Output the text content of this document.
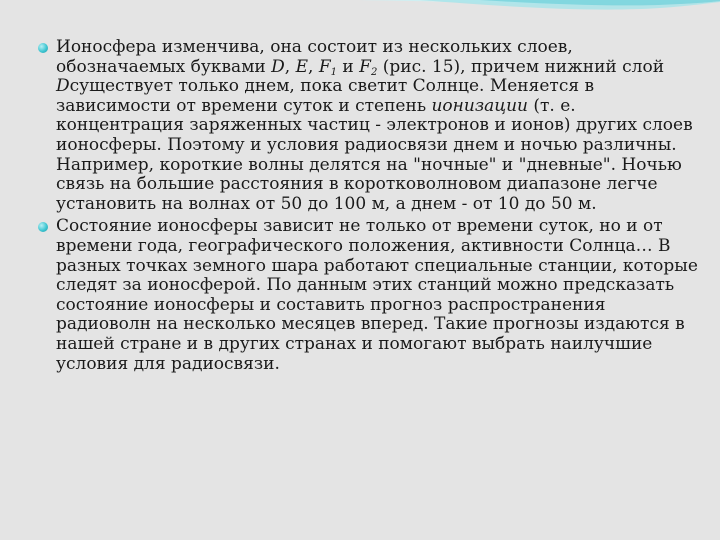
Ионосфера изменчива, она состоит из нескольких слоев, обозначаемых буквами D, E, $F_1$ и $F_2$ (рис. 15), причем нижний слой Dсуществует только днем, пока светит Солнце. Меняется в зависимости от времени суток и степень ионизации (т. е. концентрация заряженных частиц - электронов и ионов) других слоев ионосферы. Поэтому и условия радиосвязи днем и ночью различны. Например, короткие волны делятся на "ночные" и "дневные". Ночью связь на большие расстояния в коротковолновом диапазоне легче установить на волнах от 50 до 100 м, а днем - от 10 до 50 м.
Состояние ионосферы зависит не только от времени суток, но и от времени года, географического положения, активности Солнца… В разных точках земного шара работают специальные станции, которые следят за ионосферой. По данным этих станций можно предсказать состояние ионосферы и составить прогноз распространения радиоволн на несколько месяцев вперед. Такие прогнозы издаются в нашей стране и в других странах и помогают выбрать наилучшие условия для радиосвязи.
